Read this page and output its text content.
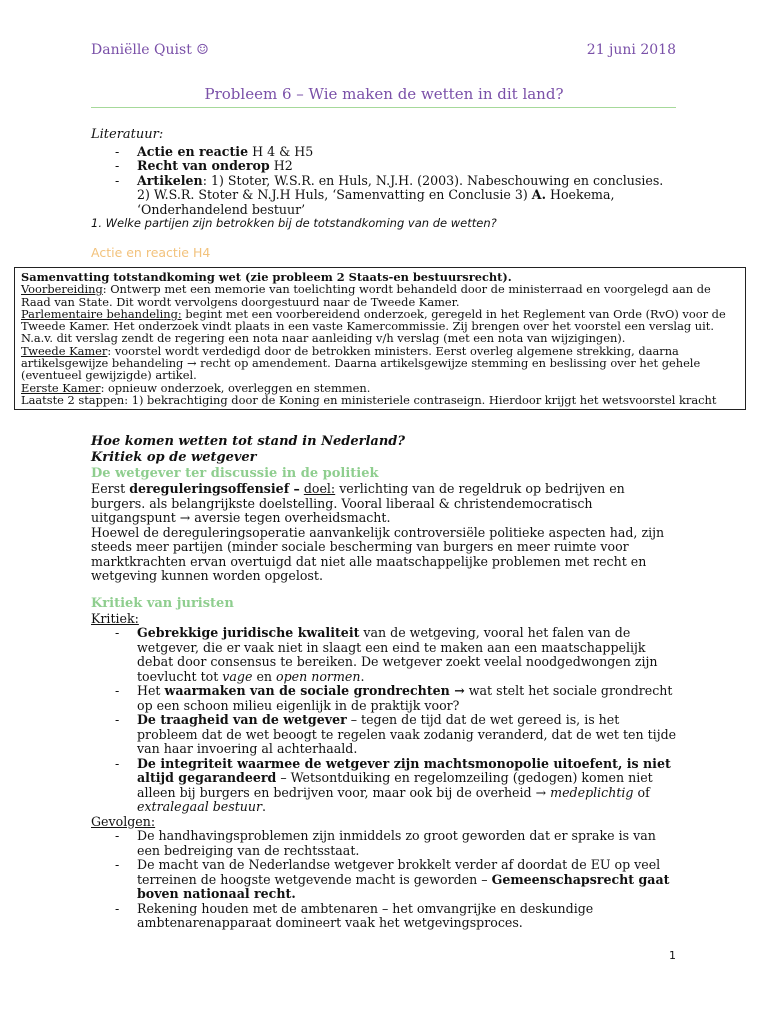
Daniëlle Quist ☺	21 juni 2018
Probleem 6 – Wie maken de wetten in dit land?
Literatuur:
- Actie en reactie H 4 & H5
- Recht van onderop H2
- Artikelen: 1) Stoter, W.S.R. en Huls, N.J.H. (2003). Nabeschouwing en conclusies. 2) W.S.R. Stoter & N.J.H Huls, ‘Samenvatting en Conclusie 3) A. Hoekema, ‘Onderhandelend bestuur’
1. Welke partijen zijn betrokken bij de totstandkoming van de wetten?
Actie en reactie H4

Samenvatting totstandkoming wet (zie probleem 2 Staats-en bestuursrecht).

Voorbereiding: Ontwerp met een memorie van toelichting wordt behandeld door de ministerraad en voorgelegd aan de Raad van State. Dit wordt vervolgens doorgestuurd naar de Tweede Kamer.

Parlementaire behandeling: begint met een voorbereidend onderzoek, geregeld in het Reglement van Orde (RvO) voor de Tweede Kamer. Het onderzoek vindt plaats in een vaste Kamercommissie. Zij brengen over het voorstel een verslag uit. N.a.v. dit verslag zendt de regering een nota naar aanleiding v/h verslag (met een nota van wijzigingen).

Tweede Kamer: voorstel wordt verdedigd door de betrokken ministers. Eerst overleg algemene strekking, daarna artikelsgewijze behandeling → recht op amendement. Daarna artikelsgewijze stemming en beslissing over het gehele (eventueel gewijzigde) artikel.

Eerste Kamer: opnieuw onderzoek, overleggen en stemmen.

Laatste 2 stappen: 1) bekrachtiging door de Koning en ministeriele contraseign. Hierdoor krijgt het wetsvoorstel kracht

Hoe komen wetten tot stand in Nederland?
Kritiek op de wetgever
De wetgever ter discussie in de politiek
Eerst dereguleringsoffensief – doel: verlichting van de regeldruk op bedrijven en burgers. als belangrijkste doelstelling. Vooral liberaal & christendemocratisch uitgangspunt → aversie tegen overheidsmacht.
Hoewel de dereguleringsoperatie aanvankelijk controversiële politieke aspecten had, zijn steeds meer partijen (minder sociale bescherming van burgers en meer ruimte voor marktkrachten ervan overtuigd dat niet alle maatschappelijke problemen met recht en wetgeving kunnen worden opgelost.
Kritiek van juristen
Kritiek:
- Gebrekkige juridische kwaliteit van de wetgeving, vooral het falen van de wetgever, die er vaak niet in slaagt een eind te maken aan een maatschappelijk debat door consensus te bereiken. De wetgever zoekt veelal noodgedwongen zijn toevlucht tot vage en open normen.
- Het waarmaken van de sociale grondrechten → wat stelt het sociale grondrecht op een schoon milieu eigenlijk in de praktijk voor?
- De traagheid van de wetgever – tegen de tijd dat de wet gereed is, is het probleem dat de wet beoogt te regelen vaak zodanig veranderd, dat de wet ten tijde van haar invoering al achterhaald.
- De integriteit waarmee de wetgever zijn machtsmonopolie uitoefent, is niet altijd gegarandeerd – Wetsontduiking en regelomzeiling (gedogen) komen niet alleen bij burgers en bedrijven voor, maar ook bij de overheid → medeplichtig of extralegaal bestuur.
Gevolgen:
- De handhavingsproblemen zijn inmiddels zo groot geworden dat er sprake is van een bedreiging van de rechtsstaat.
- De macht van de Nederlandse wetgever brokkelt verder af doordat de EU op veel terreinen de hoogste wetgevende macht is geworden – Gemeenschapsrecht gaat boven nationaal recht.
- Rekening houden met de ambtenaren – het omvangrijke en deskundige ambtenarenapparaat domineert vaak het wetgevingsproces.
1
